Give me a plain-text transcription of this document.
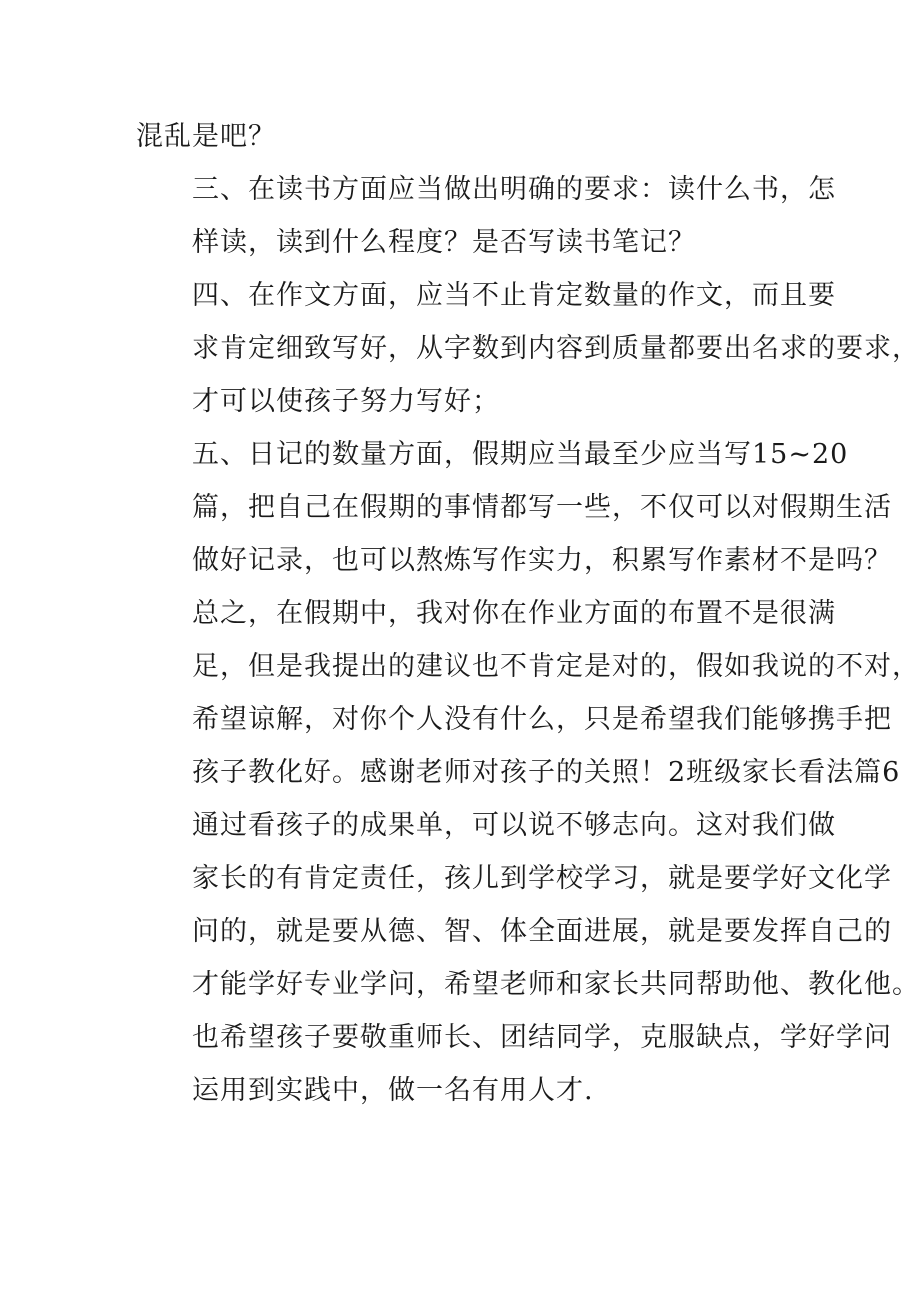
混乱是吧？

三、在读书方面应当做出明确的要求：读什么书，怎
样读，读到什么程度？是否写读书笔记？

四、在作文方面，应当不止肯定数量的作文，而且要
求肯定细致写好，从字数到内容到质量都要出名求的要求，
才可以使孩子努力写好；

五、日记的数量方面，假期应当最至少应当写15~20
篇，把自己在假期的事情都写一些，不仅可以对假期生活
做好记录，也可以熬炼写作实力，积累写作素材不是吗？

总之，在假期中，我对你在作业方面的布置不是很满
足，但是我提出的建议也不肯定是对的，假如我说的不对，
希望谅解，对你个人没有什么，只是希望我们能够携手把
孩子教化好。感谢老师对孩子的关照！2班级家长看法篇6

通过看孩子的成果单，可以说不够志向。这对我们做
家长的有肯定责任，孩儿到学校学习，就是要学好文化学
问的，就是要从德、智、体全面进展，就是要发挥自己的
才能学好专业学问，希望老师和家长共同帮助他、教化他。
也希望孩子要敬重师长、团结同学，克服缺点，学好学问
运用到实践中，做一名有用人才.
